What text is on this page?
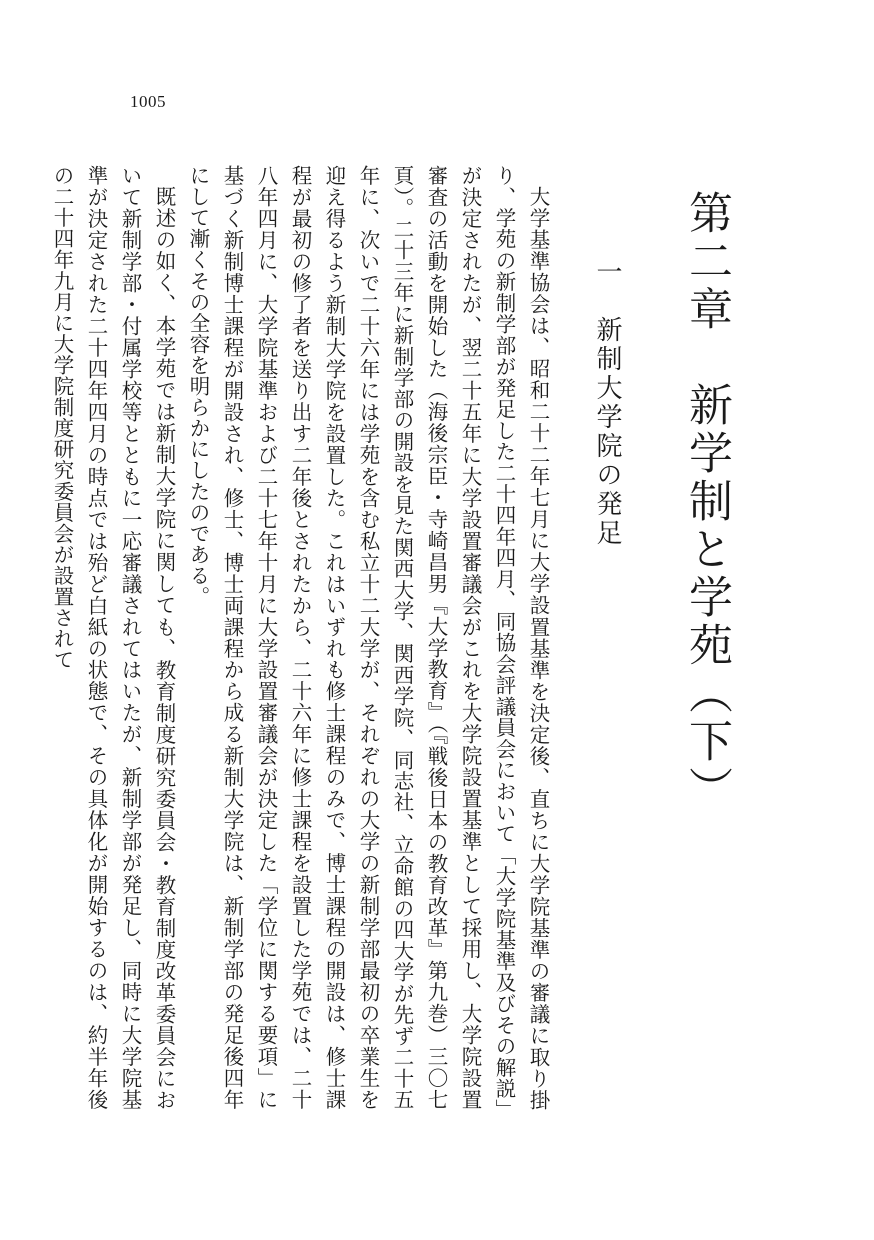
1005
第二章　新学制と学苑（下）
一　新制大学院の発足

大学基準協会は、昭和二十二年七月に大学設置基準を決定後、直ちに大学院基準の審議に取り掛り、学苑の新制学部が発足した二十四年四月、同協会評議員会において「大学院基準及びその解説」が決定されたが、翌二十五年に大学設置審議会がこれを大学院設置基準として採用し、大学院設置審査の活動を開始した（海後宗臣・寺崎昌男『大学教育』（『戦後日本の教育改革』第九巻）三〇七頁）。二十三年に新制学部の開設を見た関西大学、関西学院、同志社、立命館の四大学が先ず二十五年に、次いで二十六年には学苑を含む私立十二大学が、それぞれの大学の新制学部最初の卒業生を迎え得るよう新制大学院を設置した。これはいずれも修士課程のみで、博士課程の開設は、修士課程が最初の修了者を送り出す二年後とされたから、二十六年に修士課程を設置した学苑では、二十八年四月に、大学院基準および二十七年十月に大学設置審議会が決定した「学位に関する要項」に基づく新制博士課程が開設され、修士、博士両課程から成る新制大学院は、新制学部の発足後四年にして漸くその全容を明らかにしたのである。

既述の如く、本学苑では新制大学院に関しても、教育制度研究委員会・教育制度改革委員会において新制学部・付属学校等とともに一応審議されてはいたが、新制学部が発足し、同時に大学院基準が決定された二十四年四月の時点では殆ど白紙の状態で、その具体化が開始するのは、約半年後の二十四年九月に大学院制度研究委員会が設置されて
